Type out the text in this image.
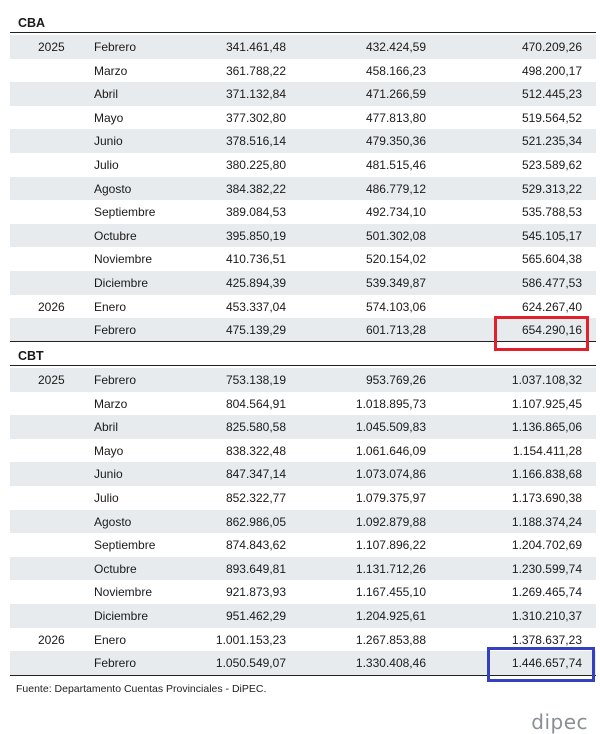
CBA
2025 Febrero	341.461,48	432.424,59	470.209,26
Marzo	361.788,22	458.166,23	498.200,17
Abril	371.132,84	471.266,59	512.445,23
Mayo	377.302,80	477.813,80	519.564,52
Junio	378.516,14	479.350,36	521.235,34
Julio	380.225,80	481.515,46	523.589,62
Agosto	384.382,22	486.779,12	529.313,22
Septiembre	389.084,53	492.734,10	535.788,53
Octubre	395.850,19	501.302,08	545.105,17
Noviembre	410.736,51	520.154,02	565.604,38
Diciembre	425.894,39	539.349,87	586.477,53
2026 Enero	453.337,04	574.103,06	624.267,40
Febrero	475.139,29	601.713,28	654.290,16
CBT
2025 Febrero	753.138,19	953.769,26	1.037.108,32
Marzo	804.564,91	1.018.895,73	1.107.925,45
Abril	825.580,58	1.045.509,83	1.136.865,06
Mayo	838.322,48	1.061.646,09	1.154.411,28
Junio	847.347,14	1.073.074,86	1.166.838,68
Julio	852.322,77	1.079.375,97	1.173.690,38
Agosto	862.986,05	1.092.879,88	1.188.374,24
Septiembre	874.843,62	1.107.896,22	1.204.702,69
Octubre	893.649,81	1.131.712,26	1.230.599,74
Noviembre	921.873,93	1.167.455,10	1.269.465,74
Diciembre	951.462,29	1.204.925,61	1.310.210,37
2026 Enero	1.001.153,23	1.267.853,88	1.378.637,23
Febrero	1.050.549,07	1.330.408,46	1.446.657,74
Fuente: Departamento Cuentas Provinciales - DiPEC.
dipec
